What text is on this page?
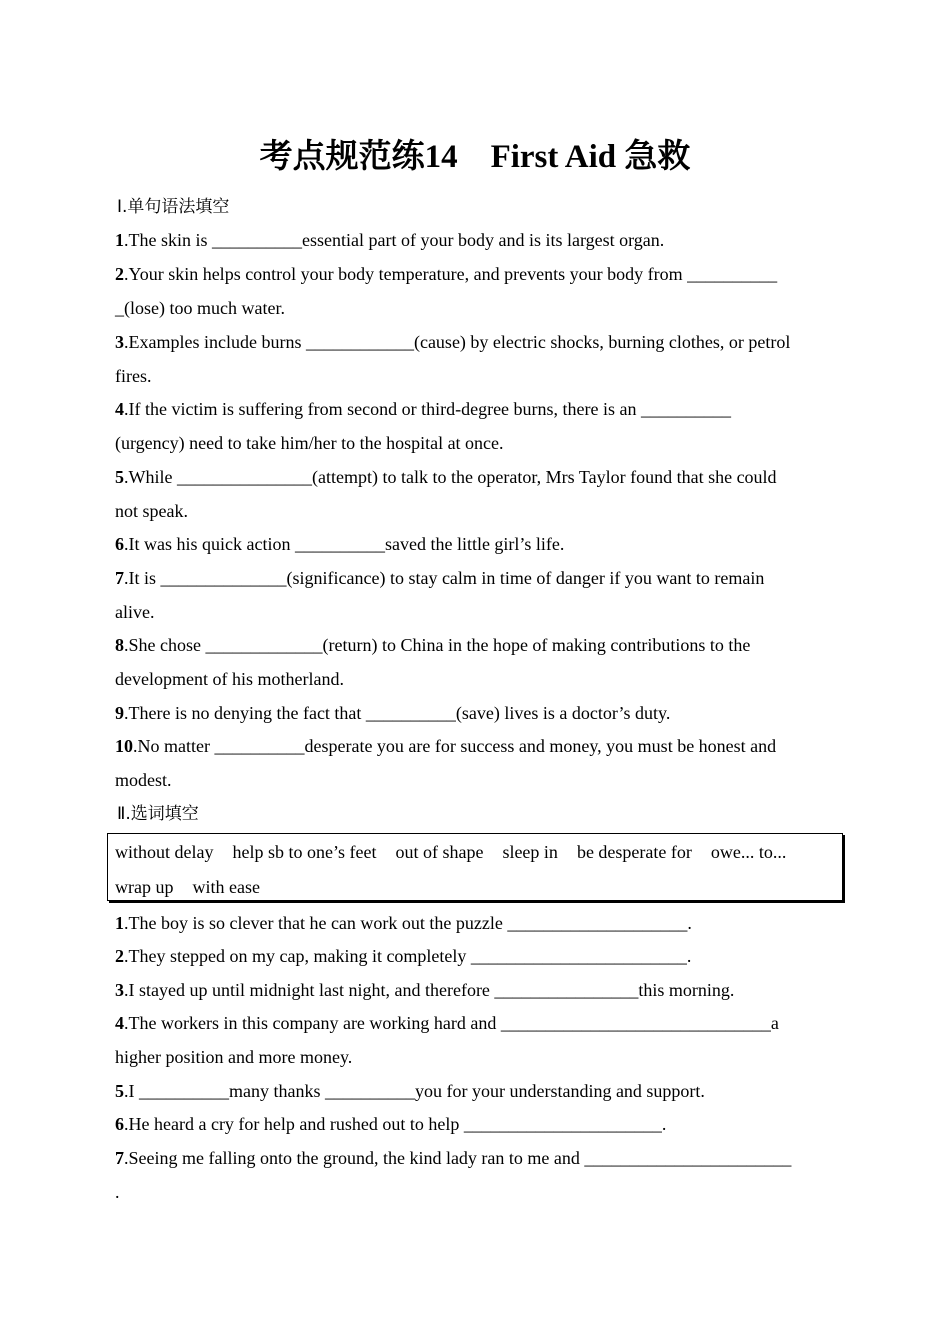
考点规范练14　First Aid 急救
Ⅰ.单句语法填空
1.The skin is __________essential part of your body and is its largest organ.
2.Your skin helps control your body temperature, and prevents your body from __________
_(lose) too much water.
3.Examples include burns ____________(cause) by electric shocks, burning clothes, or petrol
fires.
4.If the victim is suffering from second or third-degree burns, there is an __________
(urgency) need to take him/her to the hospital at once.
5.While _______________(attempt) to talk to the operator, Mrs Taylor found that she could
not speak.
6.It was his quick action __________saved the little girl’s life.
7.It is ______________(significance) to stay calm in time of danger if you want to remain
alive.
8.She chose _____________(return) to China in the hope of making contributions to the
development of his motherland.
9.There is no denying the fact that __________(save) lives is a doctor’s duty.
10.No matter __________desperate you are for success and money, you must be honest and
modest.
Ⅱ.选词填空
without delay help sb to one’s feet out of shape sleep in be desperate for owe... to...
wrap up with ease
1.The boy is so clever that he can work out the puzzle ____________________.
2.They stepped on my cap, making it completely ________________________.
3.I stayed up until midnight last night, and therefore ________________this morning.
4.The workers in this company are working hard and ______________________________a
higher position and more money.
5.I __________many thanks __________you for your understanding and support.
6.He heard a cry for help and rushed out to help ______________________.
7.Seeing me falling onto the ground, the kind lady ran to me and _______________________
.
